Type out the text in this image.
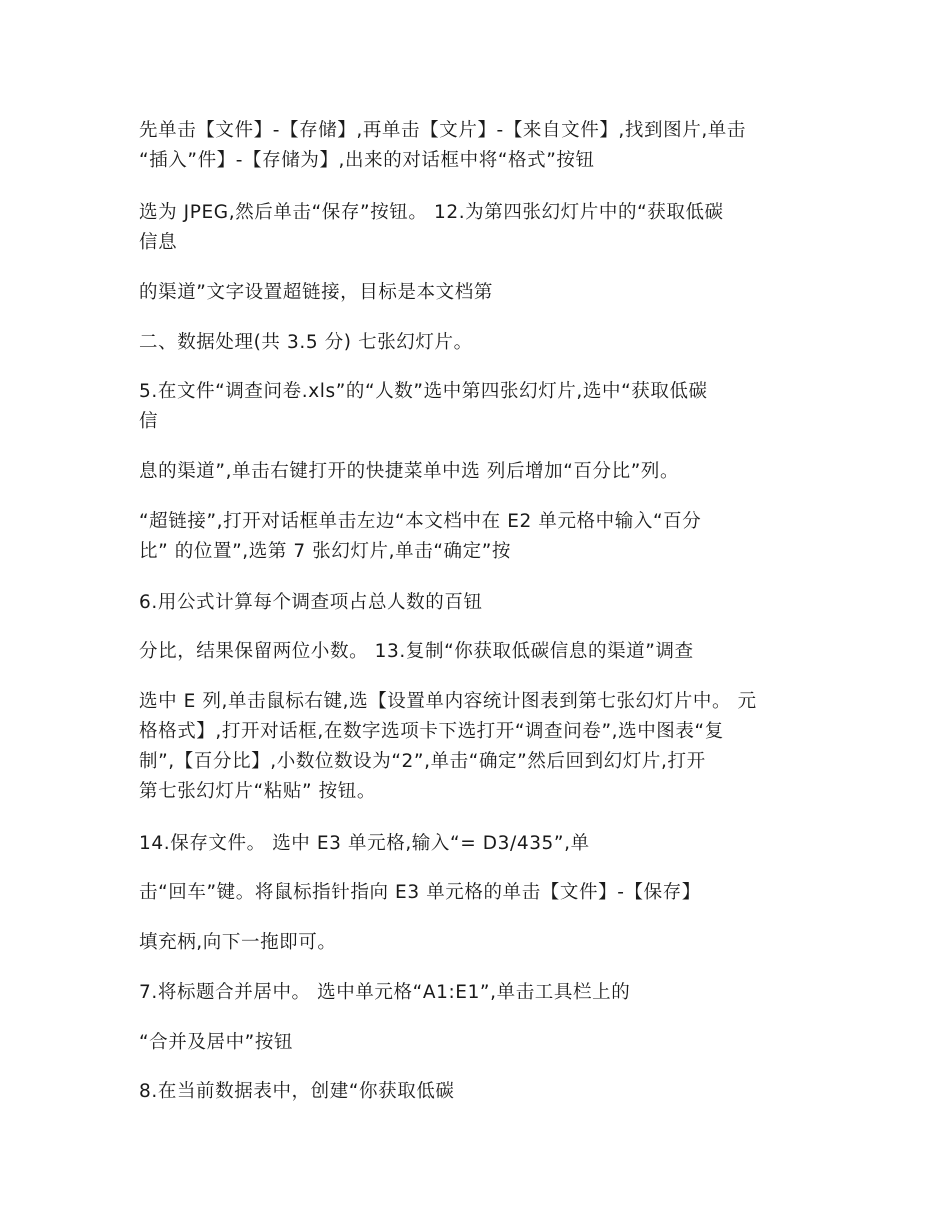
先单击【文件】-【存储】,再单击【文片】-【来自文件】,找到图片,单击
“插入”件】-【存储为】,出来的对话框中将“格式”按钮

选为 JPEG,然后单击“保存”按钮。 12.为第四张幻灯片中的“获取低碳
信息

的渠道”文字设置超链接，目标是本文档第

二、数据处理(共 3.5 分) 七张幻灯片。

5.在文件“调查问卷.xls”的“人数”选中第四张幻灯片,选中“获取低碳
信

息的渠道”,单击右键打开的快捷菜单中选 列后增加“百分比”列。

“超链接”,打开对话框单击左边“本文档中在 E2 单元格中输入“百分
比” 的位置”,选第 7 张幻灯片,单击“确定”按

6.用公式计算每个调查项占总人数的百钮

分比，结果保留两位小数。 13.复制“你获取低碳信息的渠道”调查

选中 E 列,单击鼠标右键,选【设置单内容统计图表到第七张幻灯片中。 元
格格式】,打开对话框,在数字选项卡下选打开“调查问卷”,选中图表“复
制”,【百分比】,小数位数设为“2”,单击“确定”然后回到幻灯片,打开
第七张幻灯片“粘贴” 按钮。

14.保存文件。 选中 E3 单元格,输入“= D3/435”,单

击“回车”键。将鼠标指针指向 E3 单元格的单击【文件】-【保存】

填充柄,向下一拖即可。

7.将标题合并居中。 选中单元格“A1:E1”,单击工具栏上的

“合并及居中”按钮

8.在当前数据表中，创建“你获取低碳
